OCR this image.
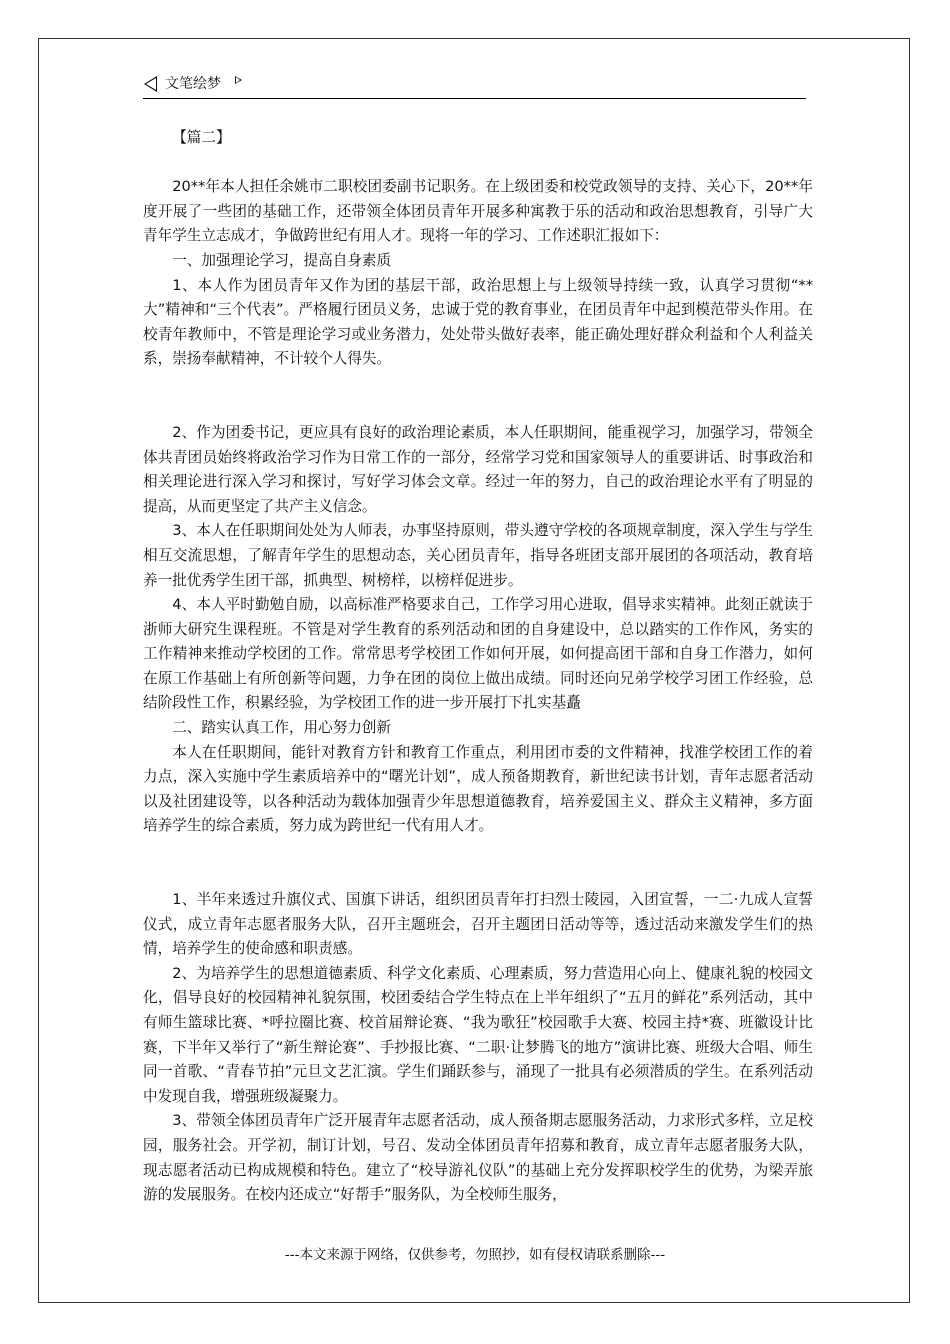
文笔绘梦

【篇二】

20**年本人担任余姚市二职校团委副书记职务。在上级团委和校党政领导的支持、关心下，20**年度开展了一些团的基础工作，还带领全体团员青年开展多种寓教于乐的活动和政治思想教育，引导广大青年学生立志成才，争做跨世纪有用人才。现将一年的学习、工作述职汇报如下：

一、加强理论学习，提高自身素质

1、本人作为团员青年又作为团的基层干部，政治思想上与上级领导持续一致，认真学习贯彻“**大”精神和“三个代表”。严格履行团员义务，忠诚于党的教育事业，在团员青年中起到模范带头作用。在校青年教师中，不管是理论学习或业务潜力，处处带头做好表率，能正确处理好群众利益和个人利益关系，崇扬奉献精神，不计较个人得失。

2、作为团委书记，更应具有良好的政治理论素质，本人任职期间，能重视学习，加强学习，带领全体共青团员始终将政治学习作为日常工作的一部分，经常学习党和国家领导人的重要讲话、时事政治和相关理论进行深入学习和探讨，写好学习体会文章。经过一年的努力，自己的政治理论水平有了明显的提高，从而更坚定了共产主义信念。

3、本人在任职期间处处为人师表，办事坚持原则，带头遵守学校的各项规章制度，深入学生与学生相互交流思想，了解青年学生的思想动态，关心团员青年，指导各班团支部开展团的各项活动，教育培养一批优秀学生团干部，抓典型、树榜样，以榜样促进步。

4、本人平时勤勉自励，以高标准严格要求自己，工作学习用心进取，倡导求实精神。此刻正就读于浙师大研究生课程班。不管是对学生教育的系列活动和团的自身建设中，总以踏实的工作作风，务实的工作精神来推动学校团的工作。常常思考学校团工作如何开展，如何提高团干部和自身工作潜力，如何在原工作基础上有所创新等问题，力争在团的岗位上做出成绩。同时还向兄弟学校学习团工作经验，总结阶段性工作，积累经验，为学校团工作的进一步开展打下扎实基矗

二、踏实认真工作，用心努力创新

本人在任职期间，能针对教育方针和教育工作重点，利用团市委的文件精神，找准学校团工作的着力点，深入实施中学生素质培养中的“曙光计划”，成人预备期教育，新世纪读书计划，青年志愿者活动以及社团建设等，以各种活动为载体加强青少年思想道德教育，培养爱国主义、群众主义精神，多方面培养学生的综合素质，努力成为跨世纪一代有用人才。

1、半年来透过升旗仪式、国旗下讲话，组织团员青年打扫烈士陵园，入团宣誓，一二·九成人宣誓仪式，成立青年志愿者服务大队，召开主题班会，召开主题团日活动等等，透过活动来激发学生们的热情，培养学生的使命感和职责感。

2、为培养学生的思想道德素质、科学文化素质、心理素质，努力营造用心向上、健康礼貌的校园文化，倡导良好的校园精神礼貌氛围，校团委结合学生特点在上半年组织了“五月的鲜花”系列活动，其中有师生篮球比赛、*呼拉圈比赛、校首届辩论赛、“我为歌狂”校园歌手大赛、校园主持*赛、班徽设计比赛，下半年又举行了“新生辩论赛”、手抄报比赛、“二职·让梦腾飞的地方”演讲比赛、班级大合唱、师生同一首歌、“青春节拍”元旦文艺汇演。学生们踊跃参与，涌现了一批具有必须潜质的学生。在系列活动中发现自我，增强班级凝聚力。

3、带领全体团员青年广泛开展青年志愿者活动，成人预备期志愿服务活动，力求形式多样，立足校园，服务社会。开学初，制订计划，号召、发动全体团员青年招募和教育，成立青年志愿者服务大队，现志愿者活动已构成规模和特色。建立了“校导游礼仪队”的基础上充分发挥职校学生的优势，为梁弄旅游的发展服务。在校内还成立“好帮手”服务队，为全校师生服务，

---本文来源于网络，仅供参考，勿照抄，如有侵权请联系删除---
